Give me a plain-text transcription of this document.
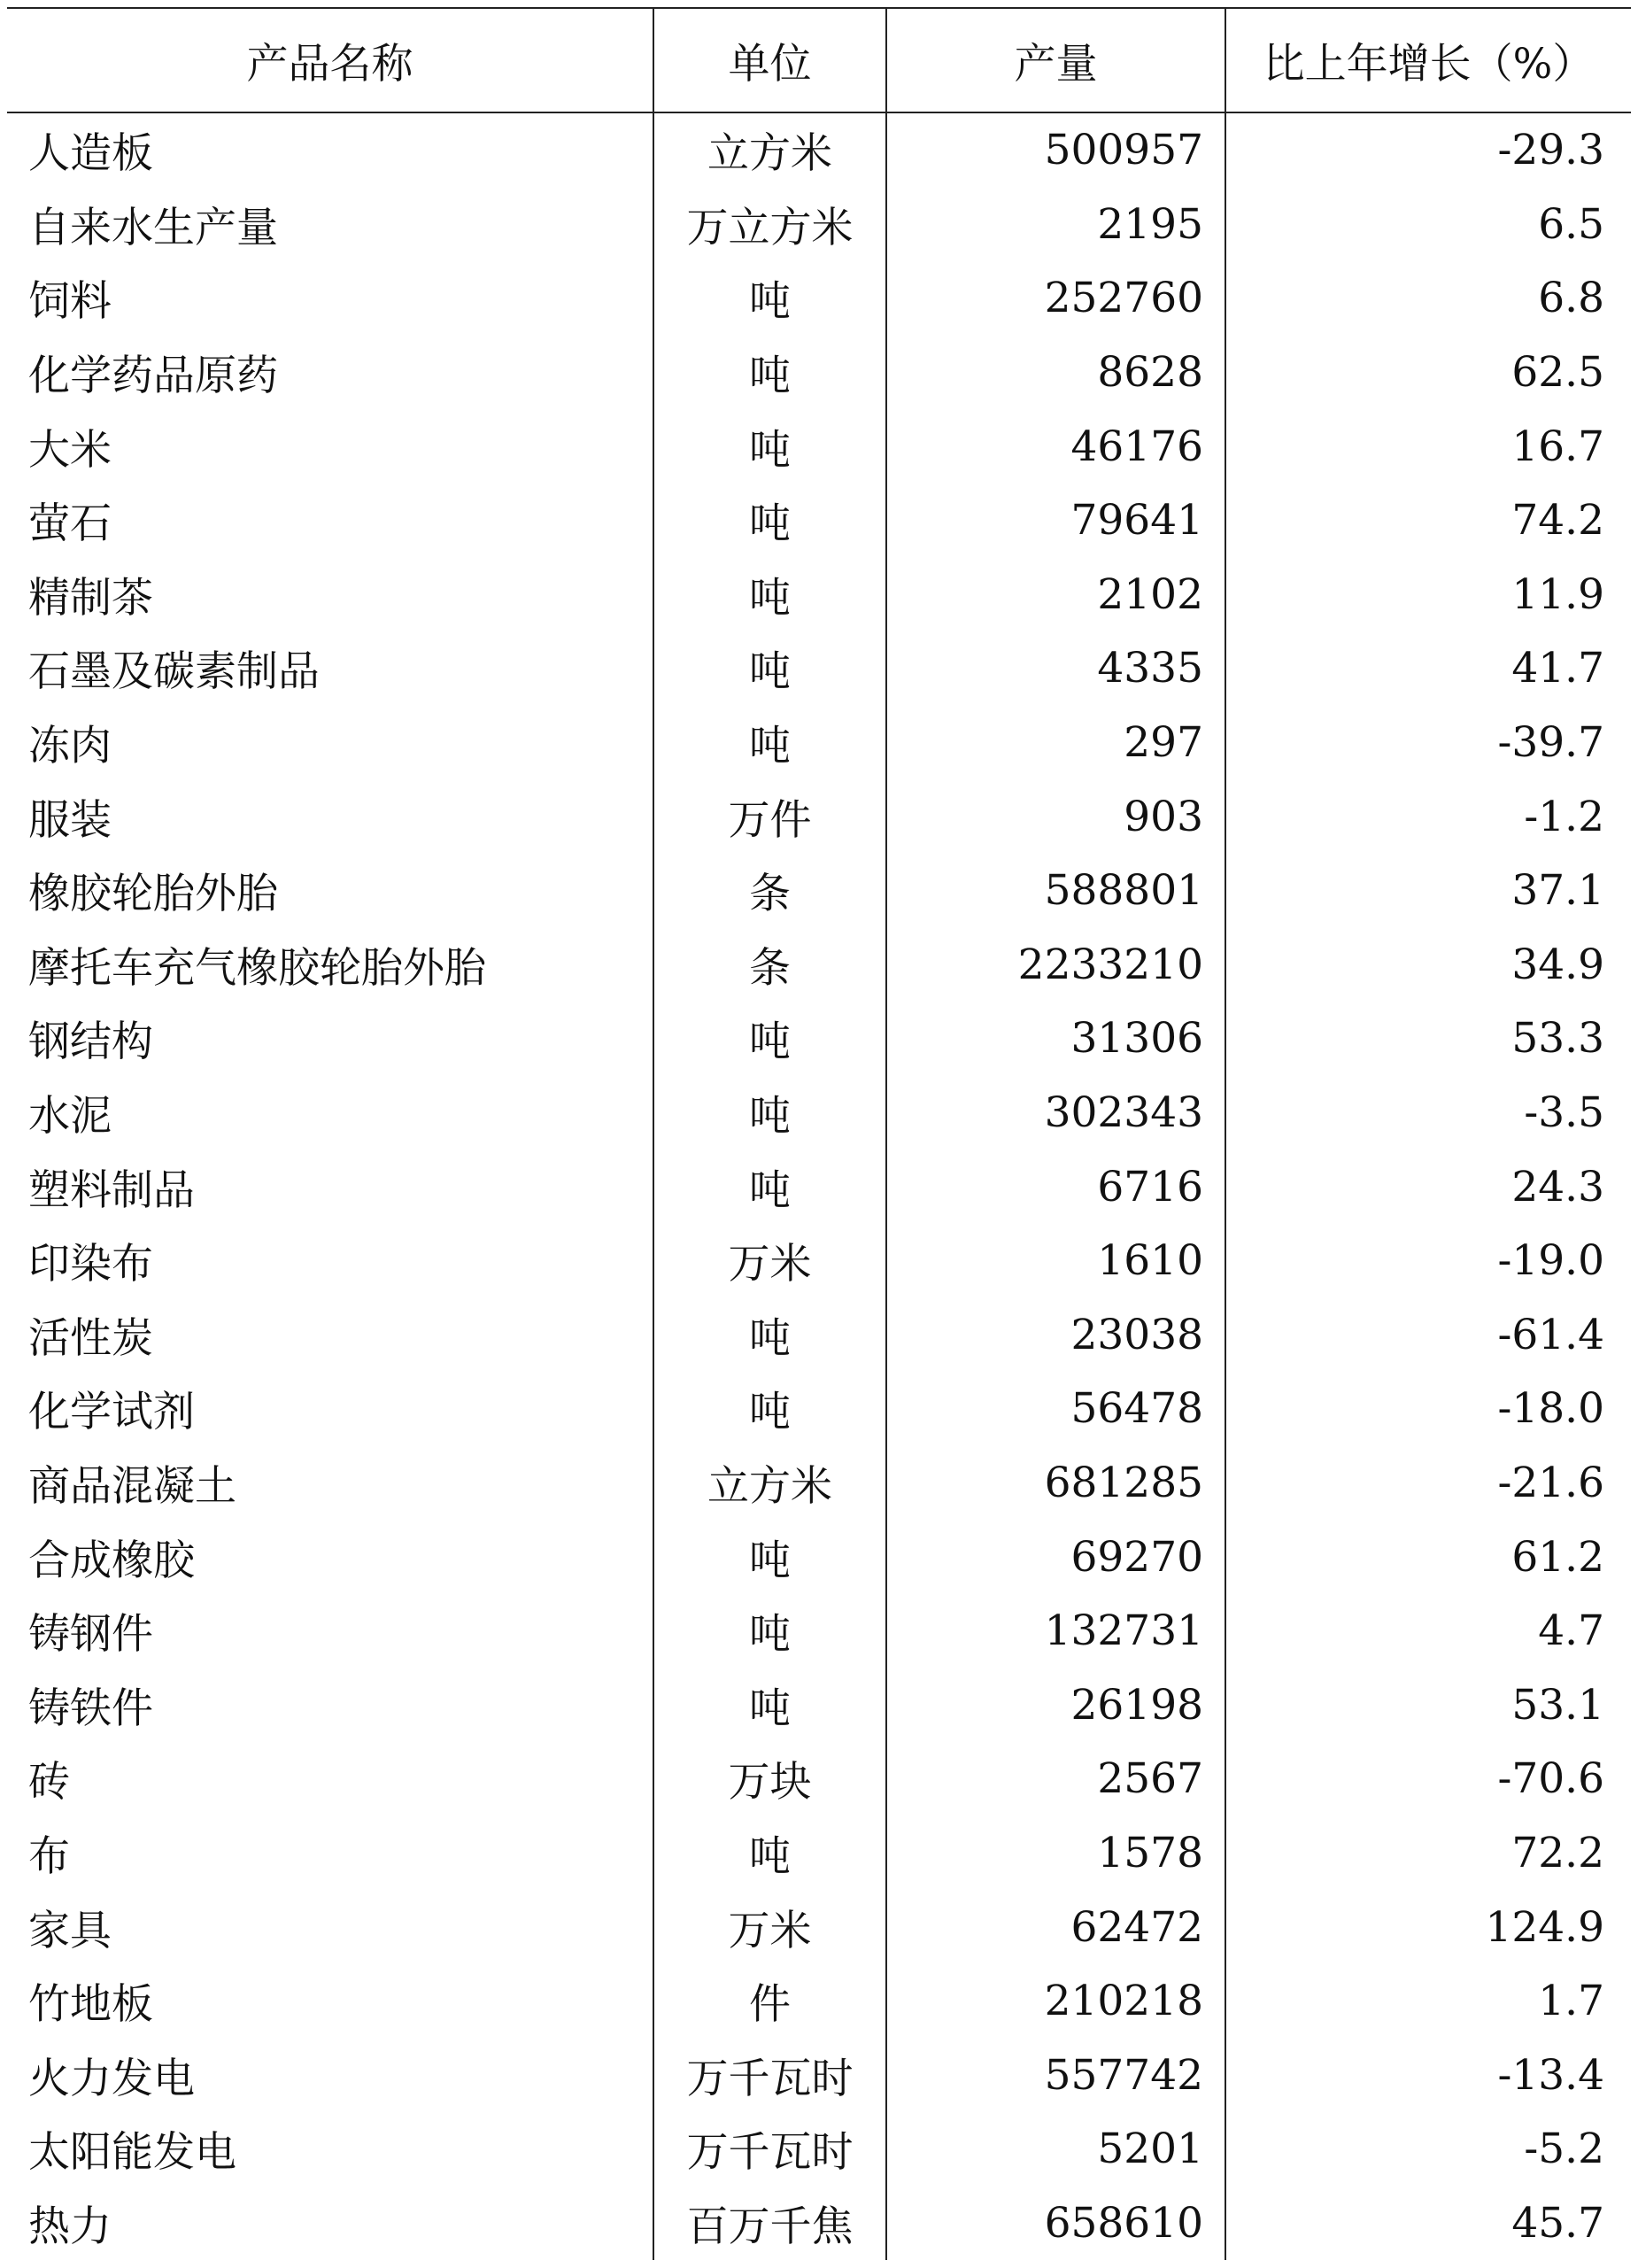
产品名称	单位	产量	比上年增长（%）
人造板	立方米	500957	-29.3
自来水生产量	万立方米	2195	6.5
饲料	吨	252760	6.8
化学药品原药	吨	8628	62.5
大米	吨	46176	16.7
萤石	吨	79641	74.2
精制茶	吨	2102	11.9
石墨及碳素制品	吨	4335	41.7
冻肉	吨	297	-39.7
服装	万件	903	-1.2
橡胶轮胎外胎	条	588801	37.1
摩托车充气橡胶轮胎外胎	条	2233210	34.9
钢结构	吨	31306	53.3
水泥	吨	302343	-3.5
塑料制品	吨	6716	24.3
印染布	万米	1610	-19.0
活性炭	吨	23038	-61.4
化学试剂	吨	56478	-18.0
商品混凝土	立方米	681285	-21.6
合成橡胶	吨	69270	61.2
铸钢件	吨	132731	4.7
铸铁件	吨	26198	53.1
砖	万块	2567	-70.6
布	吨	1578	72.2
家具	万米	62472	124.9
竹地板	件	210218	1.7
火力发电	万千瓦时	557742	-13.4
太阳能发电	万千瓦时	5201	-5.2
热力	百万千焦	658610	45.7
